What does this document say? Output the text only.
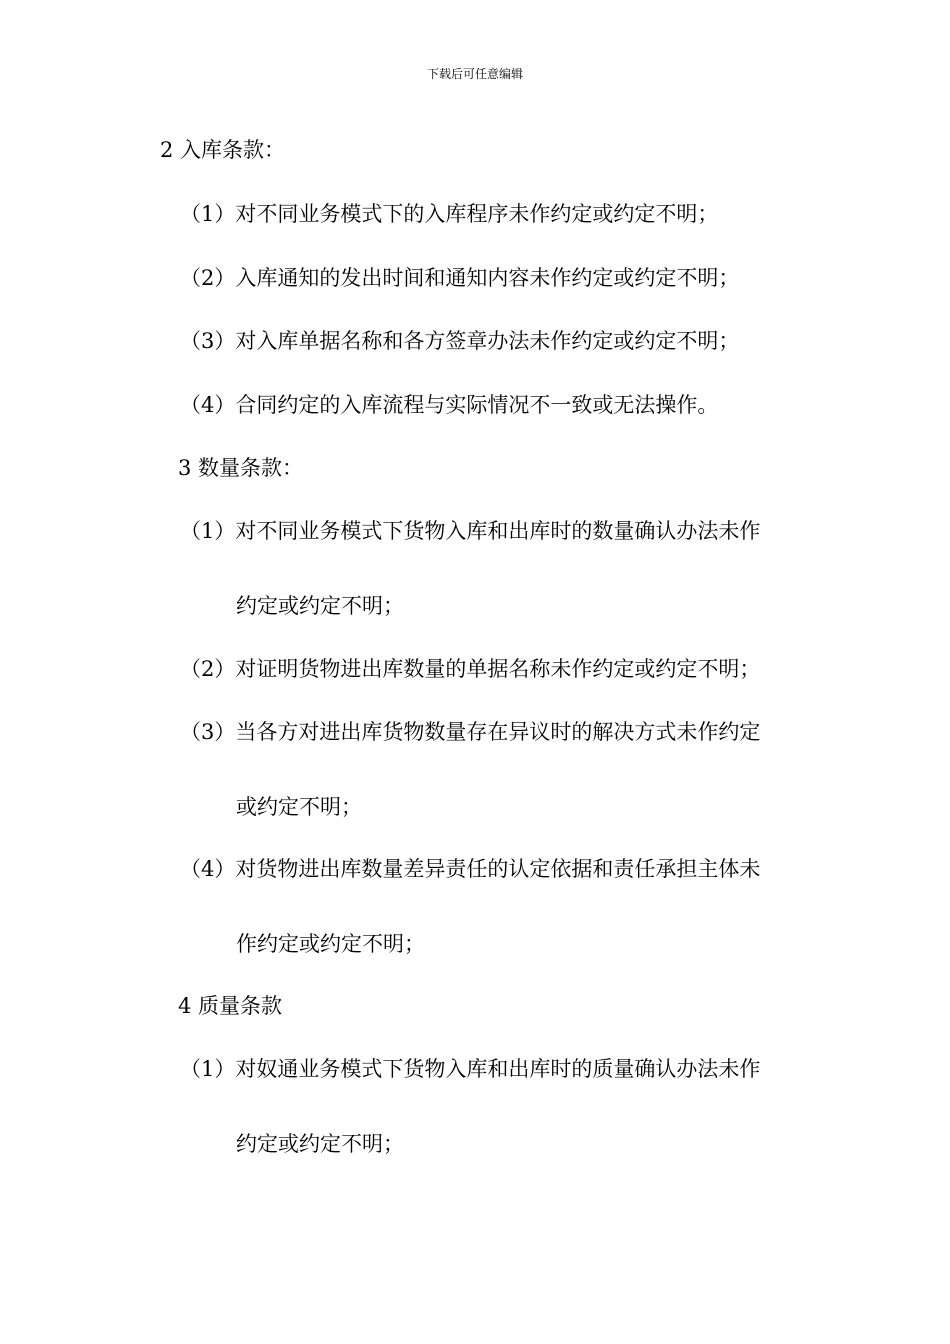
下载后可任意编辑
2 入库条款：
（1）对不同业务模式下的入库程序未作约定或约定不明；
（2）入库通知的发出时间和通知内容未作约定或约定不明；
（3）对入库单据名称和各方签章办法未作约定或约定不明；
（4）合同约定的入库流程与实际情况不一致或无法操作。
3 数量条款：
（1）对不同业务模式下货物入库和出库时的数量确认办法未作
约定或约定不明；
（2）对证明货物进出库数量的单据名称未作约定或约定不明；
（3）当各方对进出库货物数量存在异议时的解决方式未作约定
或约定不明；
（4）对货物进出库数量差异责任的认定依据和责任承担主体未
作约定或约定不明；
4 质量条款
（1）对奴通业务模式下货物入库和出库时的质量确认办法未作
约定或约定不明；
